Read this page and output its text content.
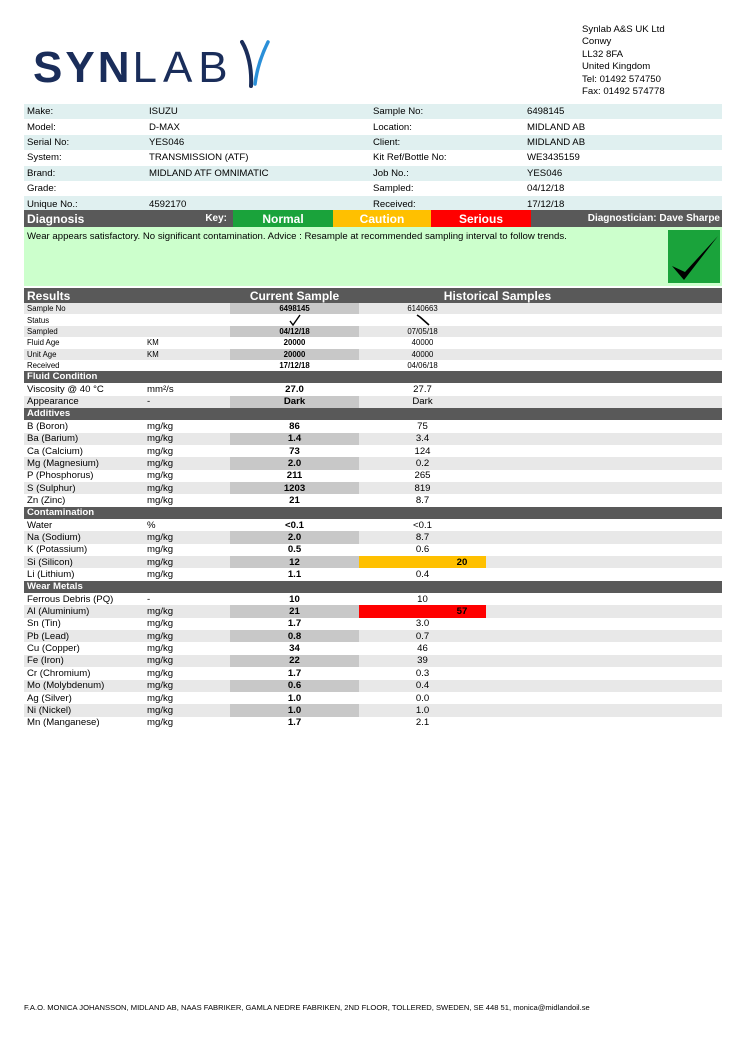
SYNLAB
Synlab A&S UK Ltd
Conwy
LL32 8FA
United Kingdom
Tel: 01492 574750
Fax: 01492 574778
Make:	ISUZU	Sample No:	6498145
Model:	D-MAX	Location:	MIDLAND AB
Serial No:	YES046	Client:	MIDLAND AB
System:	TRANSMISSION (ATF)	Kit Ref/Bottle No:	WE3435159
Brand:	MIDLAND ATF OMNIMATIC	Job No.:	YES046
Grade:	Sampled:	04/12/18
Unique No.:	4592170	Received:	17/12/18
Diagnosis	Key:	Normal	Caution	Serious	Diagnostician: Dave Sharpe
Wear appears satisfactory. No significant contamination. Advice : Resample at recommended sampling interval to follow trends.
Results	Current Sample	Historical Samples
Sample No	6498145	6140663
Status
Sampled	04/12/18	07/05/18
Fluid Age	KM	20000	40000
Unit Age	KM	20000	40000
Received	17/12/18	04/06/18
Fluid Condition
Viscosity @ 40 °C	mm²/s	27.0	27.7
Appearance	-	Dark	Dark
Additives
B (Boron)	mg/kg	86	75
Ba (Barium)	mg/kg	1.4	3.4
Ca (Calcium)	mg/kg	73	124
Mg (Magnesium)	mg/kg	2.0	0.2
P (Phosphorus)	mg/kg	211	265
S (Sulphur)	mg/kg	1203	819
Zn (Zinc)	mg/kg	21	8.7
Contamination
Water	%	<0.1	<0.1
Na (Sodium)	mg/kg	2.0	8.7
K (Potassium)	mg/kg	0.5	0.6
Si (Silicon)	mg/kg	12	20
Li (Lithium)	mg/kg	1.1	0.4
Wear Metals
Ferrous Debris (PQ)	-	10	10
Al (Aluminium)	mg/kg	21	57
Sn (Tin)	mg/kg	1.7	3.0
Pb (Lead)	mg/kg	0.8	0.7
Cu (Copper)	mg/kg	34	46
Fe (Iron)	mg/kg	22	39
Cr (Chromium)	mg/kg	1.7	0.3
Mo (Molybdenum)	mg/kg	0.6	0.4
Ag (Silver)	mg/kg	1.0	0.0
Ni (Nickel)	mg/kg	1.0	1.0
Mn (Manganese)	mg/kg	1.7	2.1
F.A.O. MONICA JOHANSSON, MIDLAND AB, NAAS FABRIKER, GAMLA NEDRE FABRIKEN, 2ND FLOOR, TOLLERED, SWEDEN, SE 448 51, monica@midlandoil.se
